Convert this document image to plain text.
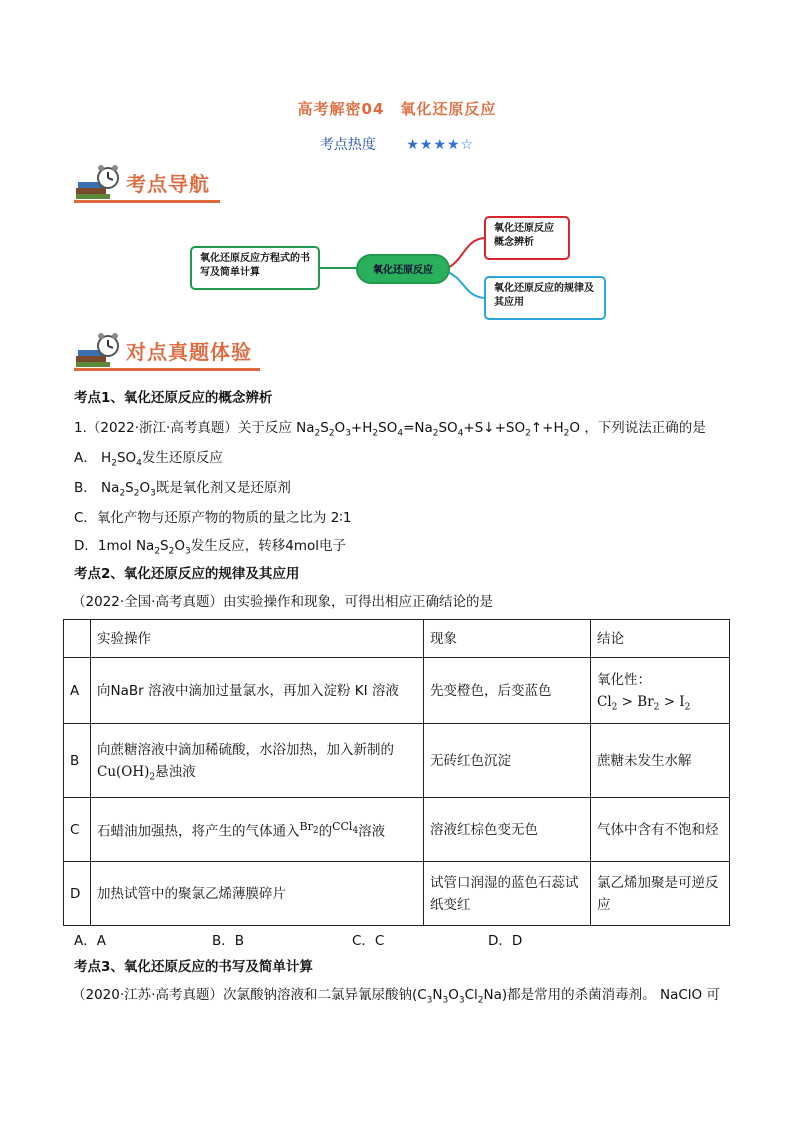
高考解密04　氧化还原反应
考点热度 ★★★★☆
考点导航
氧化还原反应方程式的书写及简单计算	氧化还原反应
氧化还原反应概念辨析
氧化还原反应的规律及其应用
对点真题体验
考点1、氧化还原反应的概念辨析
1.（2022·浙江·高考真题）关于反应 $Na_2S_2O_3+H_2SO_4=Na_2SO_4+S↓+SO_2↑+H_2O$ ，下列说法正确的是
A． $H_2SO_4$发生还原反应
B． $Na_2S_2O_3$既是氧化剂又是还原剂
C．氧化产物与还原产物的物质的量之比为 2∶1
D．1mol $Na_2S_2O_3$发生反应，转移4mol电子
考点2、氧化还原反应的规律及其应用
（2022·全国·高考真题）由实验操作和现象，可得出相应正确结论的是
	实验操作	现象	结论
A	向NaBr 溶液中滴加过量氯水，再加入淀粉 KI 溶液	先变橙色，后变蓝色	氧化性：
$Cl_2 > Br_2 > I_2$
B	向蔗糖溶液中滴加稀硫酸，水浴加热，加入新制的
$Cu(OH)_2$悬浊液	无砖红色沉淀	蔗糖未发生水解
C	石蜡油加强热，将产生的气体通入$^{Br_2}$的$^{CCl_4}$溶液	溶液红棕色变无色	气体中含有不饱和烃
D	加热试管中的聚氯乙烯薄膜碎片	试管口润湿的蓝色石蕊试纸变红	氯乙烯加聚是可逆反应
A．A	B．B	C．C	D．D
考点3、氧化还原反应的书写及简单计算
（2020·江苏·高考真题）次氯酸钠溶液和二氯异氰尿酸钠$(C_3N_3O_3Cl_2Na)$都是常用的杀菌消毒剂。 NaClO 可
